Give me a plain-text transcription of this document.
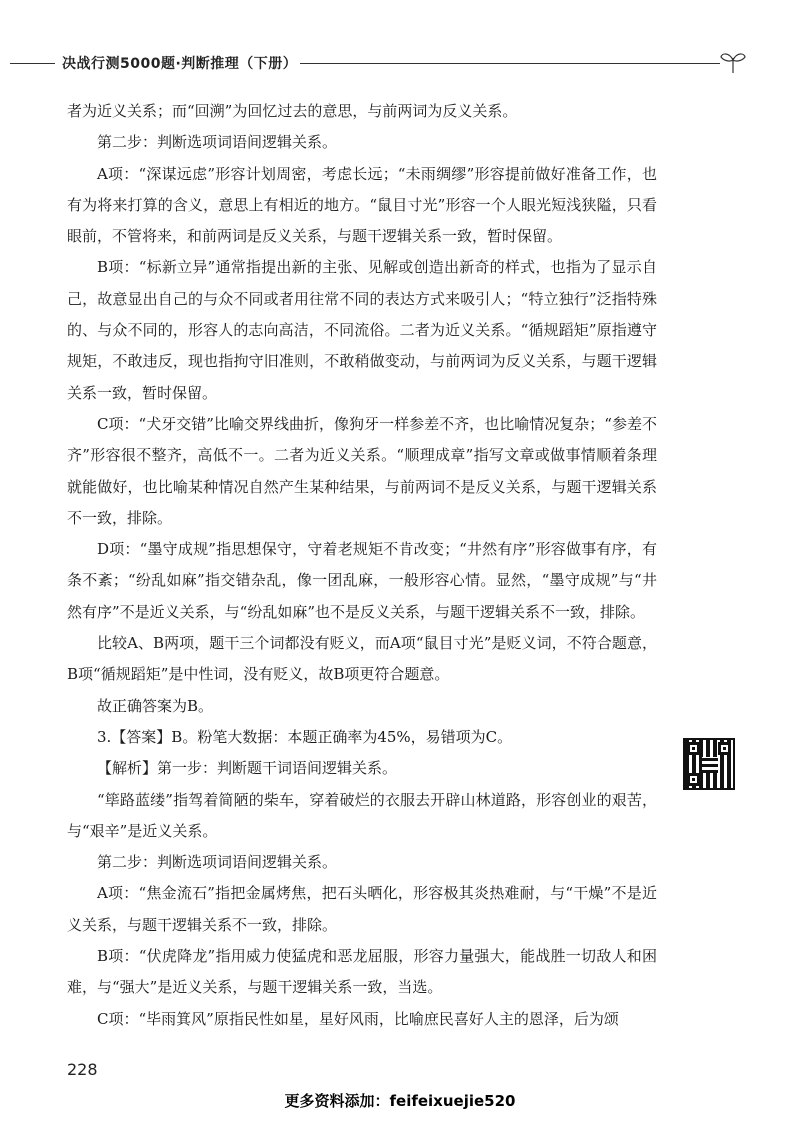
决战行测5000题·判断推理（下册）

者为近义关系；而“回溯”为回忆过去的意思，与前两词为反义关系。

第二步：判断选项词语间逻辑关系。

A项：“深谋远虑”形容计划周密，考虑长远；“未雨绸缪”形容提前做好准备工作，也有为将来打算的含义，意思上有相近的地方。“鼠目寸光”形容一个人眼光短浅狭隘，只看眼前，不管将来，和前两词是反义关系，与题干逻辑关系一致，暂时保留。

B项：“标新立异”通常指提出新的主张、见解或创造出新奇的样式，也指为了显示自己，故意显出自己的与众不同或者用往常不同的表达方式来吸引人；“特立独行”泛指特殊的、与众不同的，形容人的志向高洁，不同流俗。二者为近义关系。“循规蹈矩”原指遵守规矩，不敢违反，现也指拘守旧准则，不敢稍做变动，与前两词为反义关系，与题干逻辑关系一致，暂时保留。

C项：“犬牙交错”比喻交界线曲折，像狗牙一样参差不齐，也比喻情况复杂；“参差不齐”形容很不整齐，高低不一。二者为近义关系。“顺理成章”指写文章或做事情顺着条理就能做好，也比喻某种情况自然产生某种结果，与前两词不是反义关系，与题干逻辑关系不一致，排除。

D项：“墨守成规”指思想保守，守着老规矩不肯改变；“井然有序”形容做事有序，有条不紊；“纷乱如麻”指交错杂乱，像一团乱麻，一般形容心情。显然，“墨守成规”与“井然有序”不是近义关系，与“纷乱如麻”也不是反义关系，与题干逻辑关系不一致，排除。

比较A、B两项，题干三个词都没有贬义，而A项“鼠目寸光”是贬义词，不符合题意，B项“循规蹈矩”是中性词，没有贬义，故B项更符合题意。

故正确答案为B。

3.【答案】B。粉笔大数据：本题正确率为45%，易错项为C。

【解析】第一步：判断题干词语间逻辑关系。

“筚路蓝缕”指驾着简陋的柴车，穿着破烂的衣服去开辟山林道路，形容创业的艰苦，与“艰辛”是近义关系。

第二步：判断选项词语间逻辑关系。

A项：“焦金流石”指把金属烤焦，把石头晒化，形容极其炎热难耐，与“干燥”不是近义关系，与题干逻辑关系不一致，排除。

B项：“伏虎降龙”指用威力使猛虎和恶龙屈服，形容力量强大，能战胜一切敌人和困难，与“强大”是近义关系，与题干逻辑关系一致，当选。

C项：“毕雨箕风”原指民性如星，星好风雨，比喻庶民喜好人主的恩泽，后为颂

228
更多资料添加：feifeixuejie520
